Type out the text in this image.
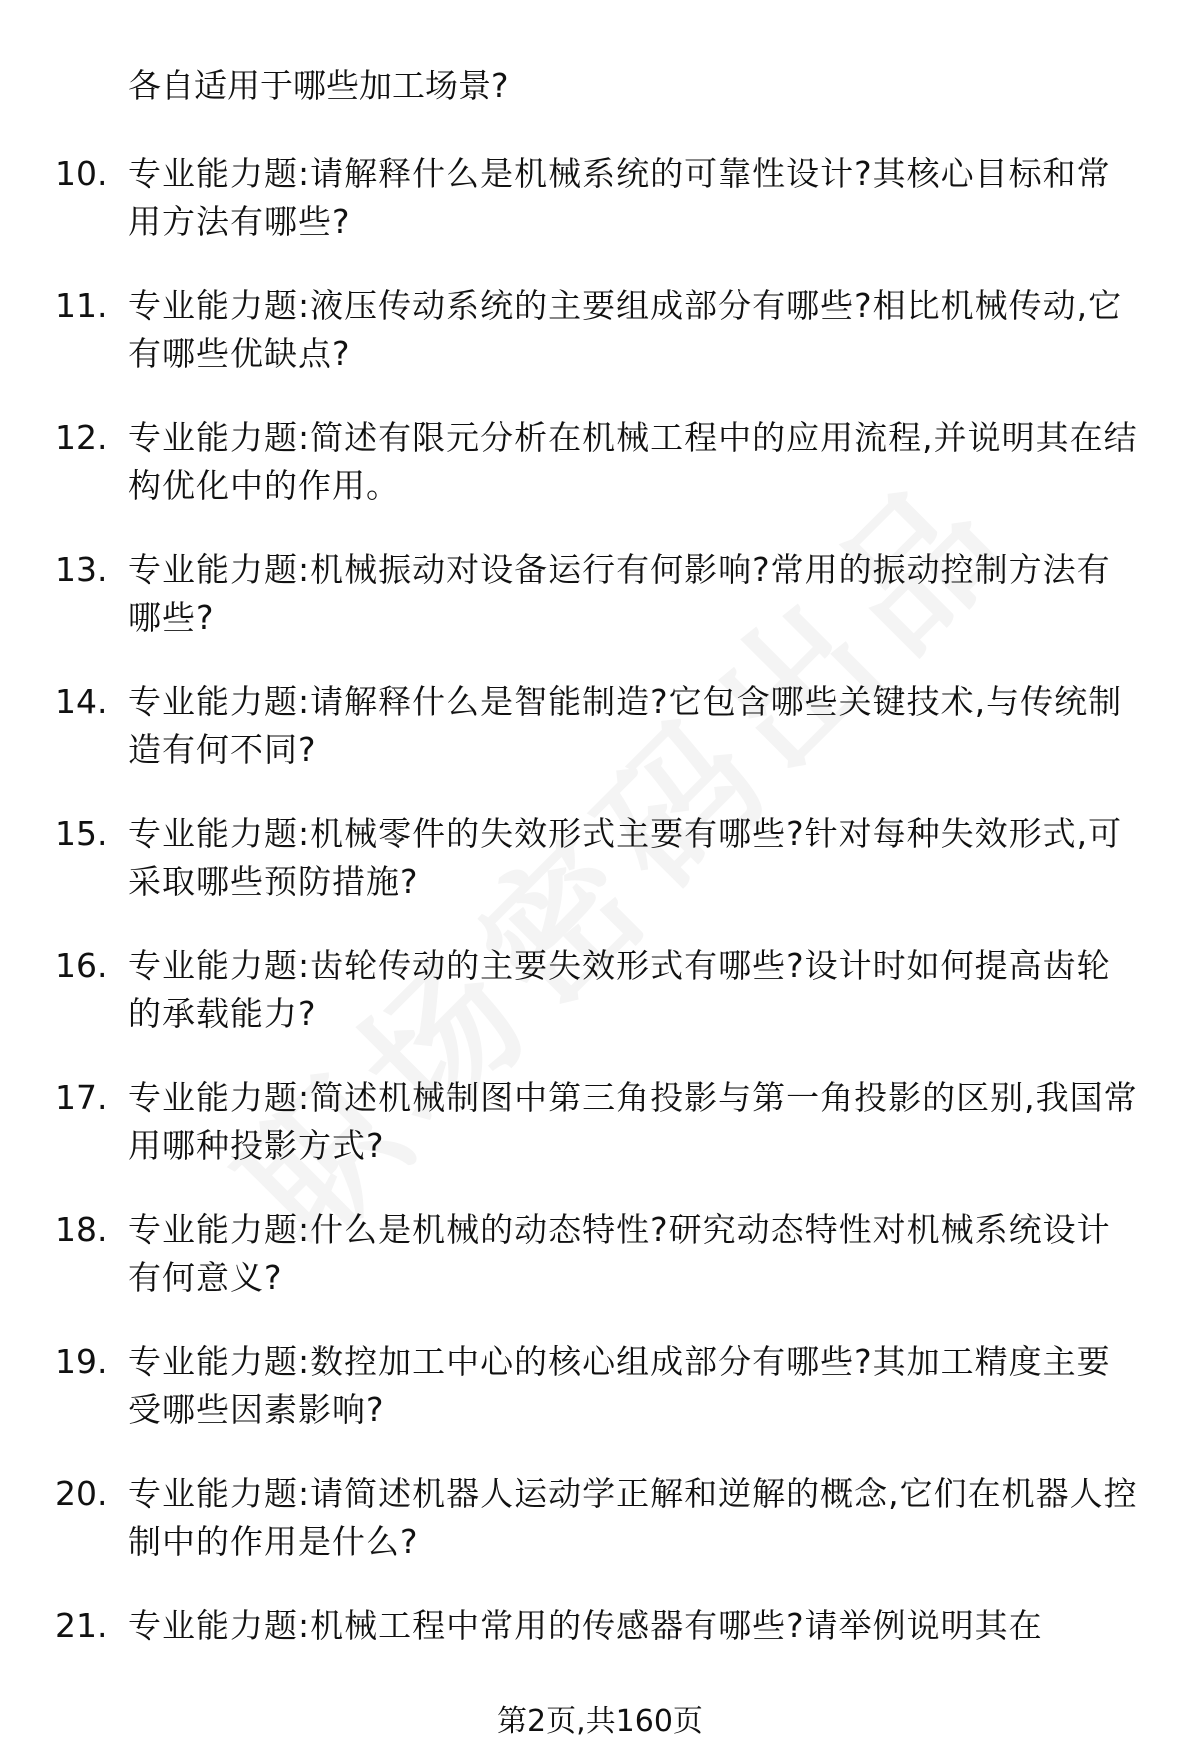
各自适用于哪些加工场景?
10. 专业能力题:请解释什么是机械系统的可靠性设计?其核心目标和常用方法有哪些?
11. 专业能力题:液压传动系统的主要组成部分有哪些?相比机械传动,它有哪些优缺点?
12. 专业能力题:简述有限元分析在机械工程中的应用流程,并说明其在结构优化中的作用。
13. 专业能力题:机械振动对设备运行有何影响?常用的振动控制方法有哪些?
14. 专业能力题:请解释什么是智能制造?它包含哪些关键技术,与传统制造有何不同?
15. 专业能力题:机械零件的失效形式主要有哪些?针对每种失效形式,可采取哪些预防措施?
16. 专业能力题:齿轮传动的主要失效形式有哪些?设计时如何提高齿轮的承载能力?
17. 专业能力题:简述机械制图中第三角投影与第一角投影的区别,我国常用哪种投影方式?
18. 专业能力题:什么是机械的动态特性?研究动态特性对机械系统设计有何意义?
19. 专业能力题:数控加工中心的核心组成部分有哪些?其加工精度主要受哪些因素影响?
20. 专业能力题:请简述机器人运动学正解和逆解的概念,它们在机器人控制中的作用是什么?
21. 专业能力题:机械工程中常用的传感器有哪些?请举例说明其在
第2页,共160页
